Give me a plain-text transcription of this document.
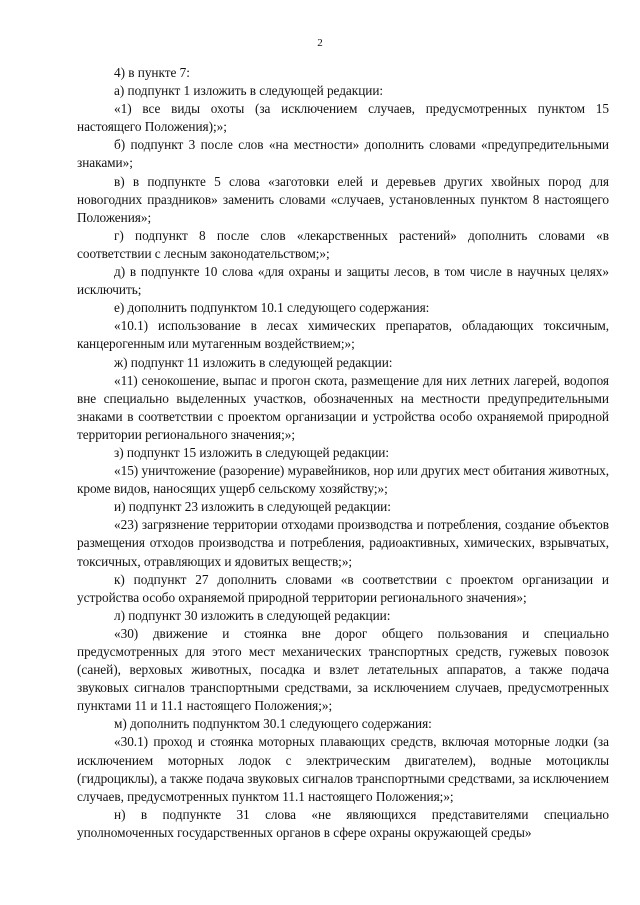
2

4) в пункте 7:

а) подпункт 1 изложить в следующей редакции:

«1) все виды охоты (за исключением случаев, предусмотренных пунктом 15 настоящего Положения);»;

б) подпункт 3 после слов «на местности» дополнить словами «предупредительными знаками»;

в) в подпункте 5 слова «заготовки елей и деревьев других хвойных пород для новогодних праздников» заменить словами «случаев, установленных пунктом 8 настоящего Положения»;

г) подпункт 8 после слов «лекарственных растений» дополнить словами «в соответствии с лесным законодательством;»;

д) в подпункте 10 слова «для охраны и защиты лесов, в том числе в научных целях» исключить;

е) дополнить подпунктом 10.1 следующего содержания:

«10.1) использование в лесах химических препаратов, обладающих токсичным, канцерогенным или мутагенным воздействием;»;

ж) подпункт 11 изложить в следующей редакции:

«11) сенокошение, выпас и прогон скота, размещение для них летних лагерей, водопоя вне специально выделенных участков, обозначенных на местности предупредительными знаками в соответствии с проектом организации и устройства особо охраняемой природной территории регионального значения;»;

з) подпункт 15 изложить в следующей редакции:

«15) уничтожение (разорение) муравейников, нор или других мест обитания животных, кроме видов, наносящих ущерб сельскому хозяйству;»;

и) подпункт 23 изложить в следующей редакции:

«23) загрязнение территории отходами производства и потребления, создание объектов размещения отходов производства и потребления, радиоактивных, химических, взрывчатых, токсичных, отравляющих и ядовитых веществ;»;

к) подпункт 27 дополнить словами «в соответствии с проектом организации и устройства особо охраняемой природной территории регионального значения»;

л) подпункт 30 изложить в следующей редакции:

«30) движение и стоянка вне дорог общего пользования и специально предусмотренных для этого мест механических транспортных средств, гужевых повозок (саней), верховых животных, посадка и взлет летательных аппаратов, а также подача звуковых сигналов транспортными средствами, за исключением случаев, предусмотренных пунктами 11 и 11.1 настоящего Положения;»;

м) дополнить подпунктом 30.1 следующего содержания:

«30.1) проход и стоянка моторных плавающих средств, включая моторные лодки (за исключением моторных лодок с электрическим двигателем), водные мотоциклы (гидроциклы), а также подача звуковых сигналов транспортными средствами, за исключением случаев, предусмотренных пунктом 11.1 настоящего Положения;»;

н) в подпункте 31 слова «не являющихся представителями специально уполномоченных государственных органов в сфере охраны окружающей среды»
